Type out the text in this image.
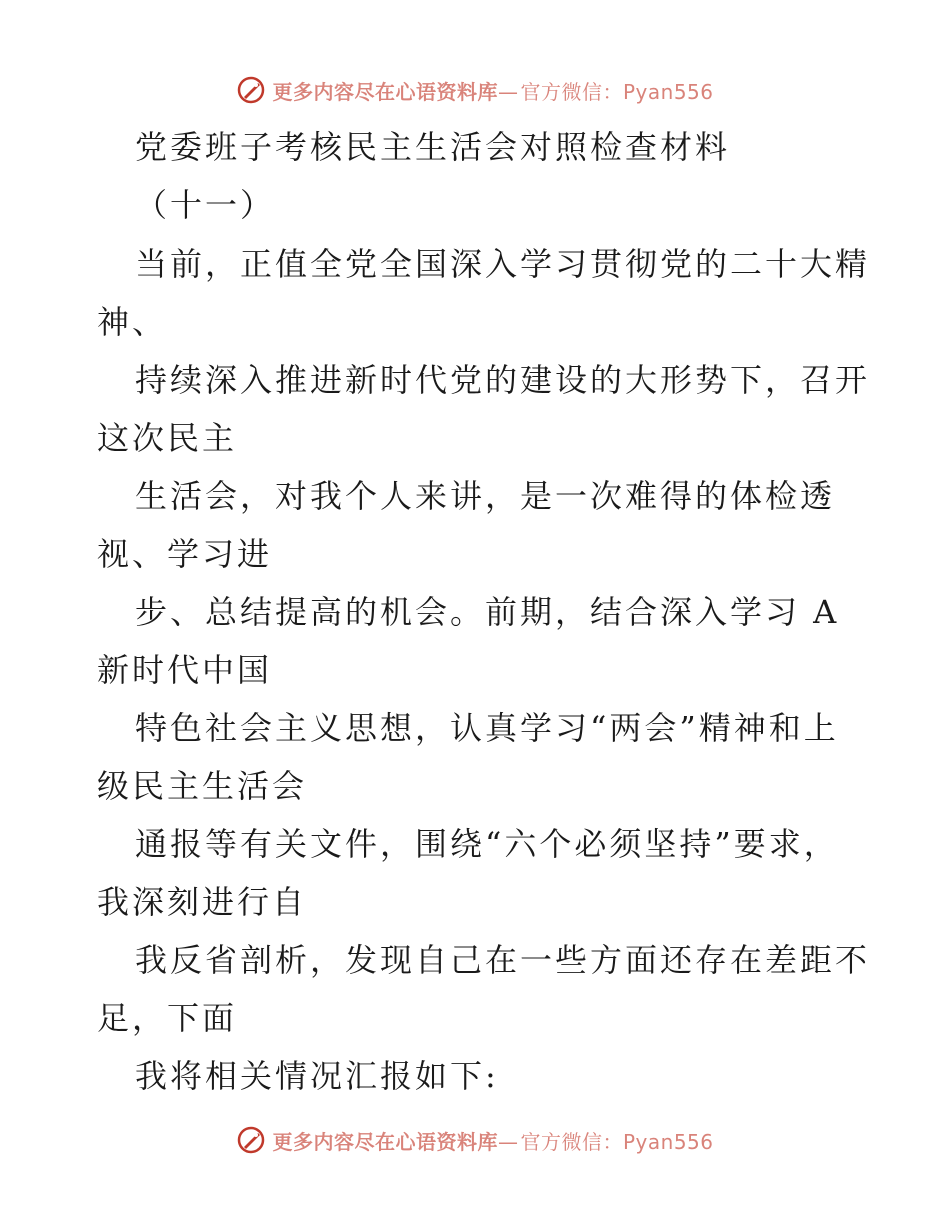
更多内容尽在心语资料库— 官方微信：Pyan556
党委班子考核民主生活会对照检查材料
（十一）
当前，正值全党全国深入学习贯彻党的二十大精
神、
持续深入推进新时代党的建设的大形势下，召开
这次民主
生活会，对我个人来讲，是一次难得的体检透
视、学习进
步、总结提高的机会。前期，结合深入学习 A
新时代中国
特色社会主义思想，认真学习“两会”精神和上
级民主生活会
通报等有关文件，围绕“六个必须坚持”要求，
我深刻进行自
我反省剖析，发现自己在一些方面还存在差距不
足，下面
我将相关情况汇报如下:
更多内容尽在心语资料库— 官方微信：Pyan556
